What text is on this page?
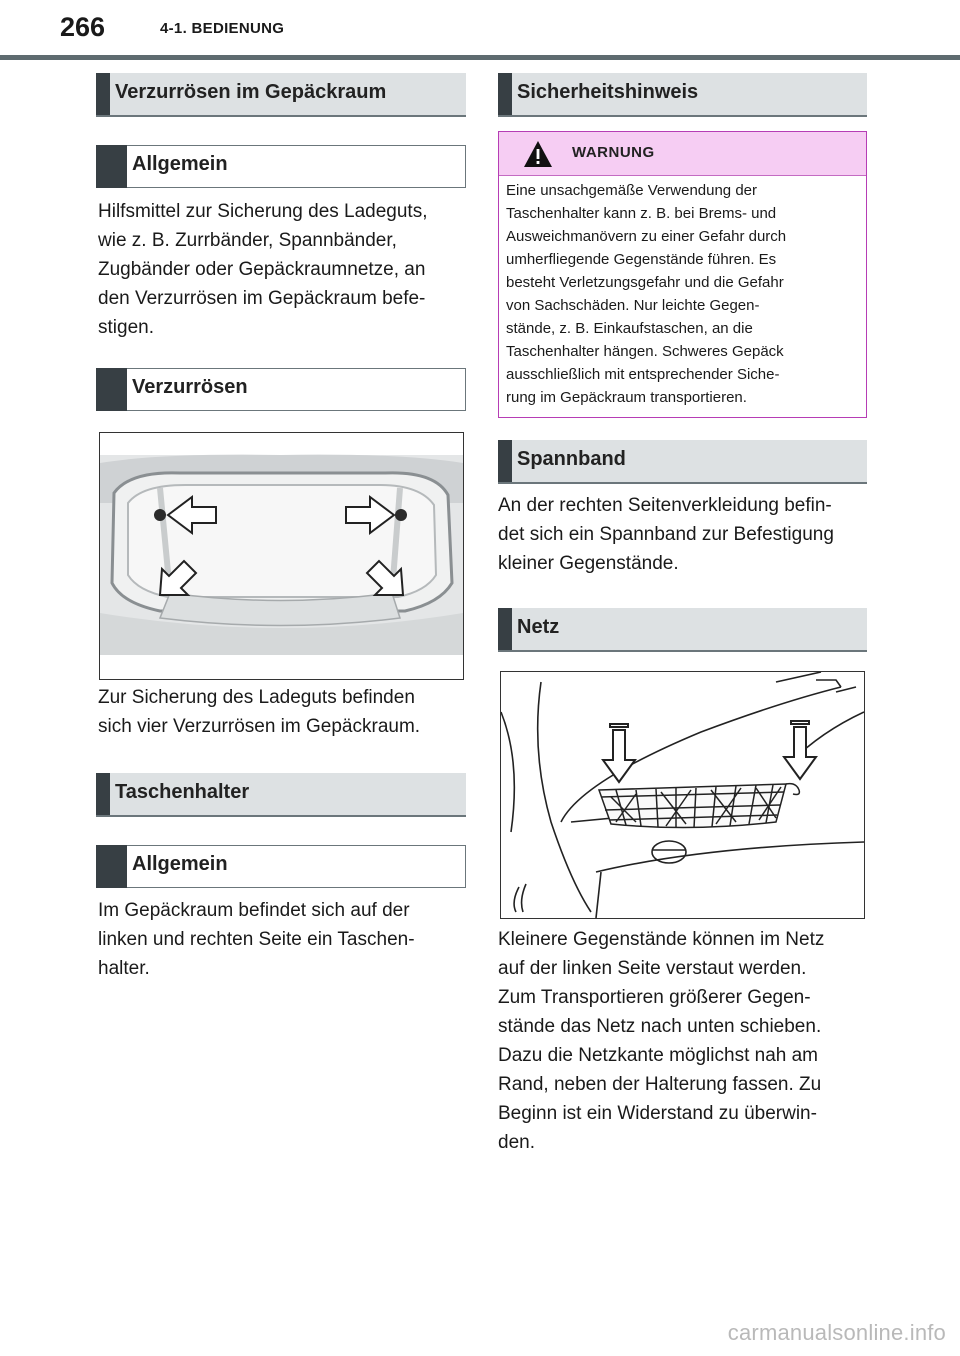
266	4-1. BEDIENUNG
Verzurrösen im Gepäckraum
Allgemein

Hilfsmittel zur Sicherung des Ladeguts,
wie z. B. Zurrbänder, Spannbänder,
Zugbänder oder Gepäckraumnetze, an
den Verzurrösen im Gepäckraum befe-
stigen.

Verzurrösen

Zur Sicherung des Ladeguts befinden
sich vier Verzurrösen im Gepäckraum.

Taschenhalter
Allgemein

Im Gepäckraum befindet sich auf der
linken und rechten Seite ein Taschen-
halter.

Sicherheitshinweis
WARNUNG

Eine unsachgemäße Verwendung der
Taschenhalter kann z. B. bei Brems- und
Ausweichmanövern zu einer Gefahr durch
umherfliegende Gegenstände führen. Es
besteht Verletzungsgefahr und die Gefahr
von Sachschäden. Nur leichte Gegen-
stände, z. B. Einkaufstaschen, an die
Taschenhalter hängen. Schweres Gepäck
ausschließlich mit entsprechender Siche-
rung im Gepäckraum transportieren.

Spannband

An der rechten Seitenverkleidung befin-
det sich ein Spannband zur Befestigung
kleiner Gegenstände.

Netz

Kleinere Gegenstände können im Netz
auf der linken Seite verstaut werden.
Zum Transportieren größerer Gegen-
stände das Netz nach unten schieben.
Dazu die Netzkante möglichst nah am
Rand, neben der Halterung fassen. Zu
Beginn ist ein Widerstand zu überwin-
den.

carmanualsonline.info
